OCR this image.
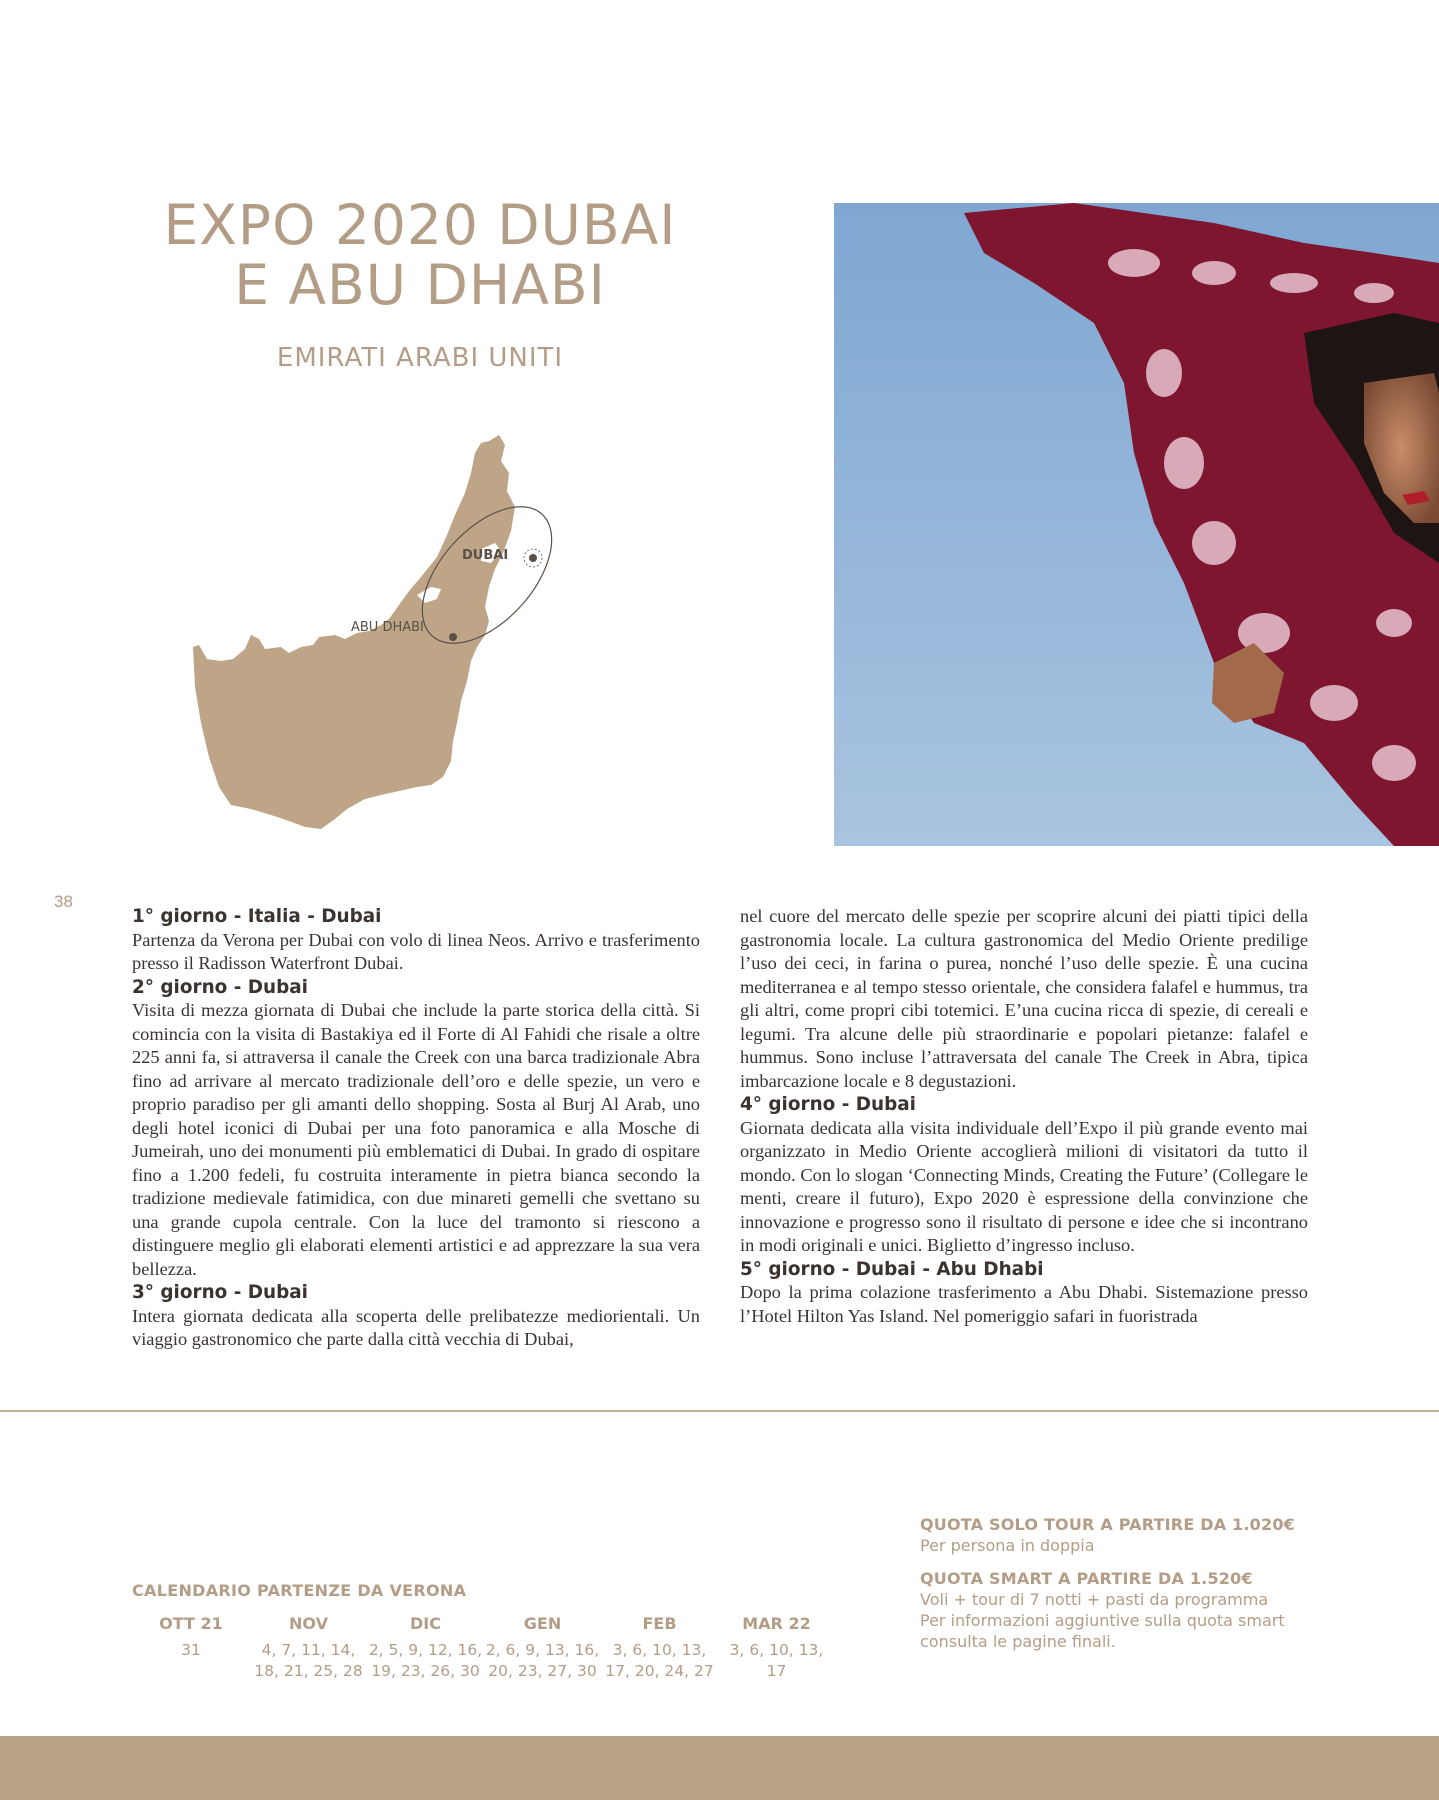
EXPO 2020 DUBAI
E ABU DHABI
EMIRATI ARABI UNITI
DUBAI
ABU DHABI
38
1° giorno - Italia - Dubai
Partenza da Verona per Dubai con volo di linea Neos. Arrivo e trasferimento presso il Radisson Waterfront Dubai.
2° giorno - Dubai
Visita di mezza giornata di Dubai che include la parte storica della città. Si comincia con la visita di Bastakiya ed il Forte di Al Fahidi che risale a oltre 225 anni fa, si attraversa il canale the Creek con una barca tradizionale Abra fino ad arrivare al mercato tradizionale dell’oro e delle spezie, un vero e proprio paradiso per gli amanti dello shopping. Sosta al Burj Al Arab, uno degli hotel iconici di Dubai per una foto panoramica e alla Mosche di Jumeirah, uno dei monumenti più emblematici di Dubai. In grado di ospitare fino a 1.200 fedeli, fu costruita interamente in pietra bianca secondo la tradizione medievale fatimidica, con due minareti gemelli che svettano su una grande cupola centrale. Con la luce del tramonto si riescono a distinguere meglio gli elaborati elementi artistici e ad apprezzare la sua vera bellezza.
3° giorno - Dubai
Intera giornata dedicata alla scoperta delle prelibatezze mediorientali. Un viaggio gastronomico che parte dalla città vecchia di Dubai,
nel cuore del mercato delle spezie per scoprire alcuni dei piatti tipici della gastronomia locale. La cultura gastronomica del Medio Oriente predilige l’uso dei ceci, in farina o purea, nonché l’uso delle spezie. È una cucina mediterranea e al tempo stesso orientale, che considera falafel e hummus, tra gli altri, come propri cibi totemici. E’una cucina ricca di spezie, di cereali e legumi. Tra alcune delle più straordinarie e popolari pietanze: falafel e hummus. Sono incluse l’attraversata del canale The Creek in Abra, tipica imbarcazione locale e 8 degustazioni.
4° giorno - Dubai
Giornata dedicata alla visita individuale dell’Expo il più grande evento mai organizzato in Medio Oriente accoglierà milioni di visitatori da tutto il mondo. Con lo slogan ‘Connecting Minds, Creating the Future’ (Collegare le menti, creare il futuro), Expo 2020 è espressione della convinzione che innovazione e progresso sono il risultato di persone e idee che si incontrano in modi originali e unici. Biglietto d’ingresso incluso.
5° giorno - Dubai - Abu Dhabi
Dopo la prima colazione trasferimento a Abu Dhabi. Sistemazione presso l’Hotel Hilton Yas Island. Nel pomeriggio safari in fuoristrada
CALENDARIO PARTENZE DA VERONA
OTT 21
31
NOV
4, 7, 11, 14, 18, 21, 25, 28
DIC
2, 5, 9, 12, 16, 19, 23, 26, 30
GEN
2, 6, 9, 13, 16, 20, 23, 27, 30
FEB
3, 6, 10, 13, 17, 20, 24, 27
MAR 22
3, 6, 10, 13, 17
QUOTA SOLO TOUR A PARTIRE DA 1.020€
Per persona in doppia
QUOTA SMART A PARTIRE DA 1.520€
Voli + tour di 7 notti + pasti da programma
Per informazioni aggiuntive sulla quota smart consulta le pagine finali.
